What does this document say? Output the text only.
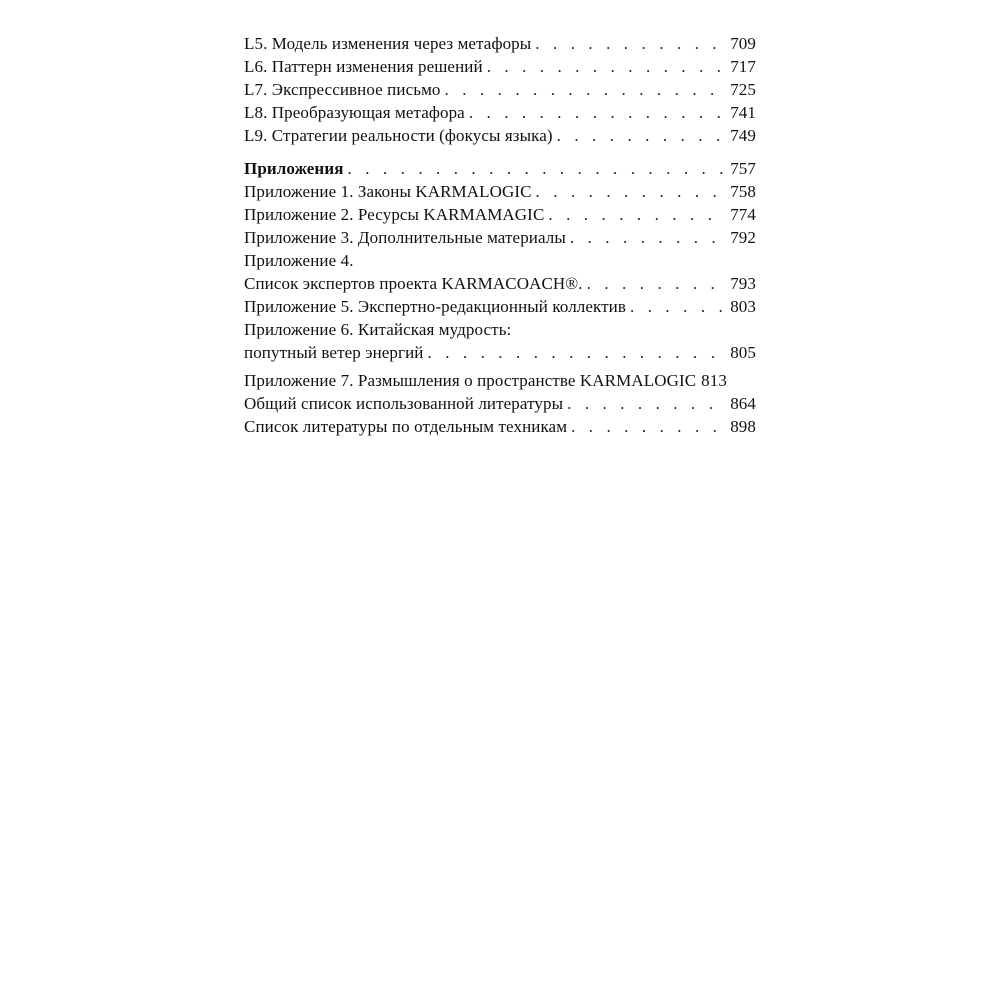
L5. Модель изменения через метафоры . . .	709
L6. Паттерн изменения решений . . .	717
L7. Экспрессивное письмо . . .	725
L8. Преобразующая метафора . . .	741
L9. Стратегии реальности (фокусы языка) . . .	749
Приложения . . .	757
Приложение 1. Законы KARMALOGIC . . .	758
Приложение 2. Ресурсы KARMAMAGIC . . .	774
Приложение 3. Дополнительные материалы . . .	792
Приложение 4.
Список экспертов проекта KARMACOACH®. . . .	793
Приложение 5. Экспертно-редакционный коллектив . . .	803
Приложение 6. Китайская мудрость:
попутный ветер энергий . . .	805
Приложение 7. Размышления о пространстве KARMALOGIC 813
Общий список использованной литературы . . .	864
Список литературы по отдельным техникам . . .	898
